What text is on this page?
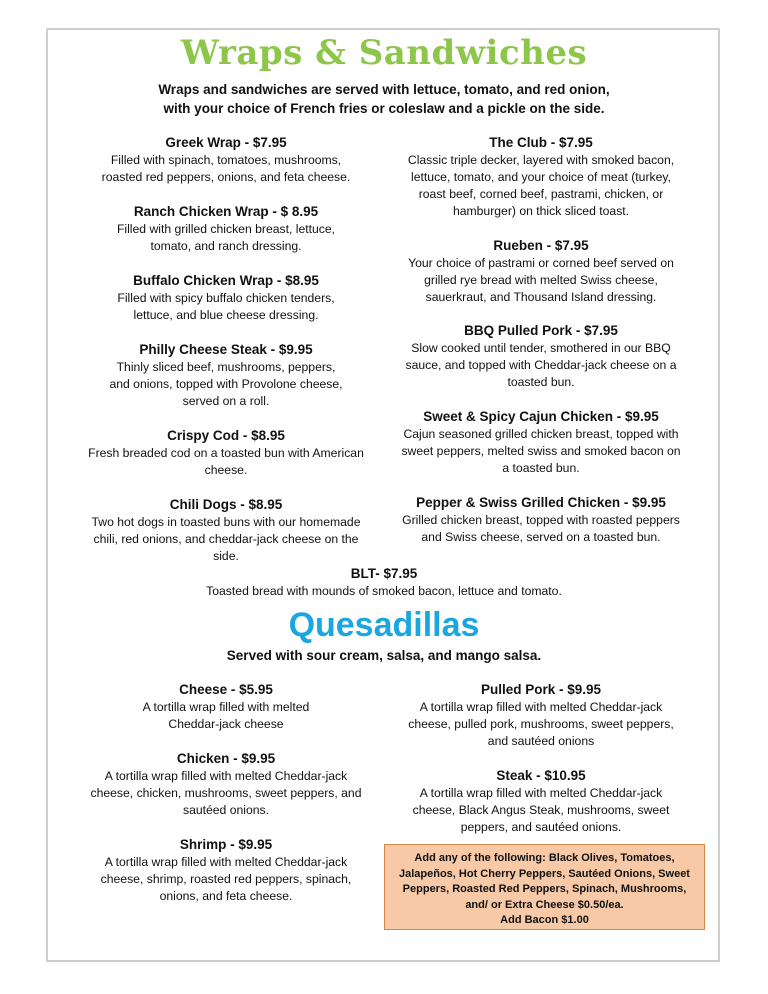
Wraps & Sandwiches
Wraps and sandwiches are served with lettuce, tomato, and red onion,
with your choice of French fries or coleslaw and a pickle on the side.
Greek Wrap - $7.95
Filled with spinach, tomatoes, mushrooms,
roasted red peppers, onions, and feta cheese.
Ranch Chicken Wrap - $ 8.95
Filled with grilled chicken breast, lettuce,
tomato, and ranch dressing.
Buffalo Chicken Wrap - $8.95
Filled with spicy buffalo chicken tenders,
lettuce, and blue cheese dressing.
Philly Cheese Steak - $9.95
Thinly sliced beef, mushrooms, peppers,
and onions, topped with Provolone cheese,
served on a roll.
Crispy Cod - $8.95
Fresh breaded cod on a toasted bun with American
cheese.
Chili Dogs - $8.95
Two hot dogs in toasted buns with our homemade
chili, red onions, and cheddar-jack cheese on the
side.
The Club - $7.95
Classic triple decker, layered with smoked bacon,
lettuce, tomato, and your choice of meat (turkey,
roast beef, corned beef, pastrami, chicken, or
hamburger) on thick sliced toast.
Rueben - $7.95
Your choice of pastrami or corned beef served on
grilled rye bread with melted Swiss cheese,
sauerkraut, and Thousand Island dressing.
BBQ Pulled Pork - $7.95
Slow cooked until tender, smothered in our BBQ
sauce, and topped with Cheddar-jack cheese on a
toasted bun.
Sweet & Spicy Cajun Chicken - $9.95
Cajun seasoned grilled chicken breast, topped with
sweet peppers, melted swiss and smoked bacon on
a toasted bun.
Pepper & Swiss Grilled Chicken - $9.95
Grilled chicken breast, topped with roasted peppers
and Swiss cheese, served on a toasted bun.
BLT- $7.95
Toasted bread with mounds of smoked bacon, lettuce and tomato.
Quesadillas
Served with sour cream, salsa, and mango salsa.
Cheese - $5.95
A tortilla wrap filled with melted
Cheddar-jack cheese
Chicken - $9.95
A tortilla wrap filled with melted Cheddar-jack
cheese, chicken, mushrooms, sweet peppers, and
sautéed onions.
Shrimp - $9.95
A tortilla wrap filled with melted Cheddar-jack
cheese, shrimp, roasted red peppers, spinach,
onions, and feta cheese.
Pulled Pork - $9.95
A tortilla wrap filled with melted Cheddar-jack
cheese, pulled pork, mushrooms, sweet peppers,
and sautéed onions
Steak - $10.95
A tortilla wrap filled with melted Cheddar-jack
cheese, Black Angus Steak, mushrooms, sweet
peppers, and sautéed onions.
Add any of the following: Black Olives, Tomatoes,
Jalapeños, Hot Cherry Peppers, Sautéed Onions, Sweet
Peppers, Roasted Red Peppers, Spinach, Mushrooms,
and/ or Extra Cheese $0.50/ea.
Add Bacon $1.00
